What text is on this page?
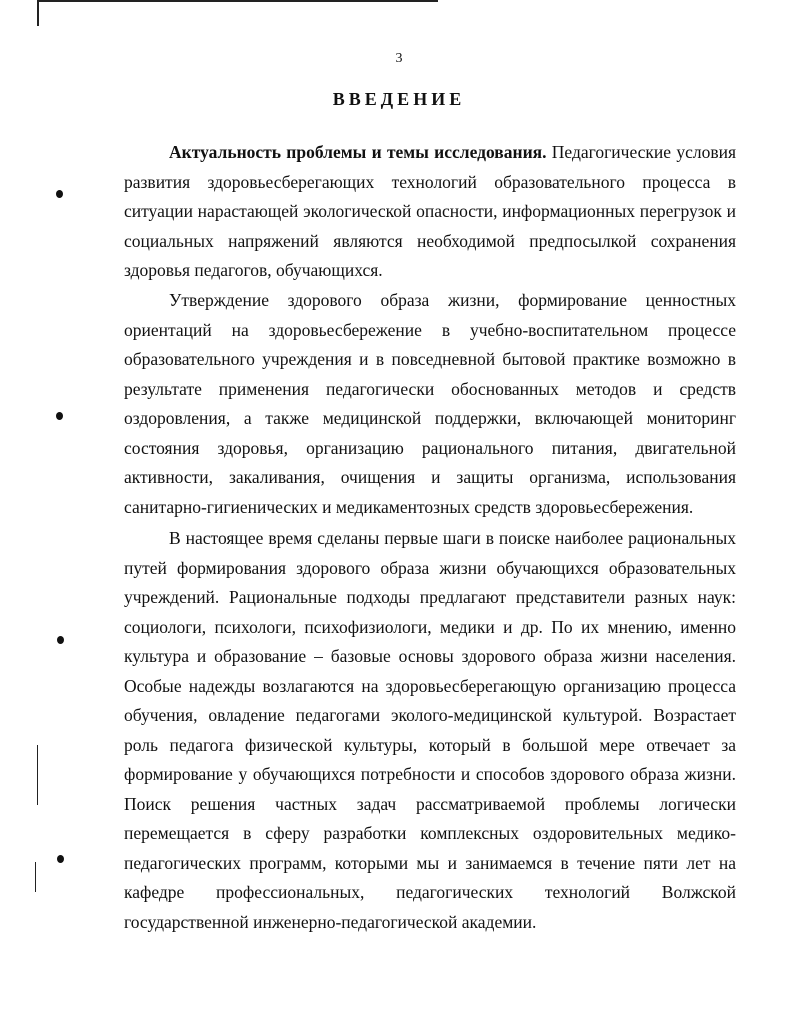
3
ВВЕДЕНИЕ

Актуальность проблемы и темы исследования. Педагогические условия развития здоровьесберегающих технологий образовательного процесса в ситуации нарастающей экологической опасности, информационных перегрузок и социальных напряжений являются необходимой предпосылкой сохранения здоровья педагогов, обучающихся.

Утверждение здорового образа жизни, формирование ценностных ориентаций на здоровьесбережение в учебно-воспитательном процессе образовательного учреждения и в повседневной бытовой практике возможно в результате применения педагогически обоснованных методов и средств оздоровления, а также медицинской поддержки, включающей мониторинг состояния здоровья, организацию рационального питания, двигательной активности, закаливания, очищения и защиты организма, использования санитарно-гигиенических и медикаментозных средств здоровьесбережения.

В настоящее время сделаны первые шаги в поиске наиболее рациональных путей формирования здорового образа жизни обучающихся образовательных учреждений. Рациональные подходы предлагают представители разных наук: социологи, психологи, психофизиологи, медики и др. По их мнению, именно культура и образование – базовые основы здорового образа жизни населения. Особые надежды возлагаются на здоровьесберегающую организацию процесса обучения, овладение педагогами эколого-медицинской культурой. Возрастает роль педагога физической культуры, который в большой мере отвечает за формирование у обучающихся потребности и способов здорового образа жизни. Поиск решения частных задач рассматриваемой проблемы логически перемещается в сферу разработки комплексных оздоровительных медико-педагогических программ, которыми мы и занимаемся в течение пяти лет на кафедре профессиональных, педагогических технологий Волжской государственной инженерно-педагогической академии.
